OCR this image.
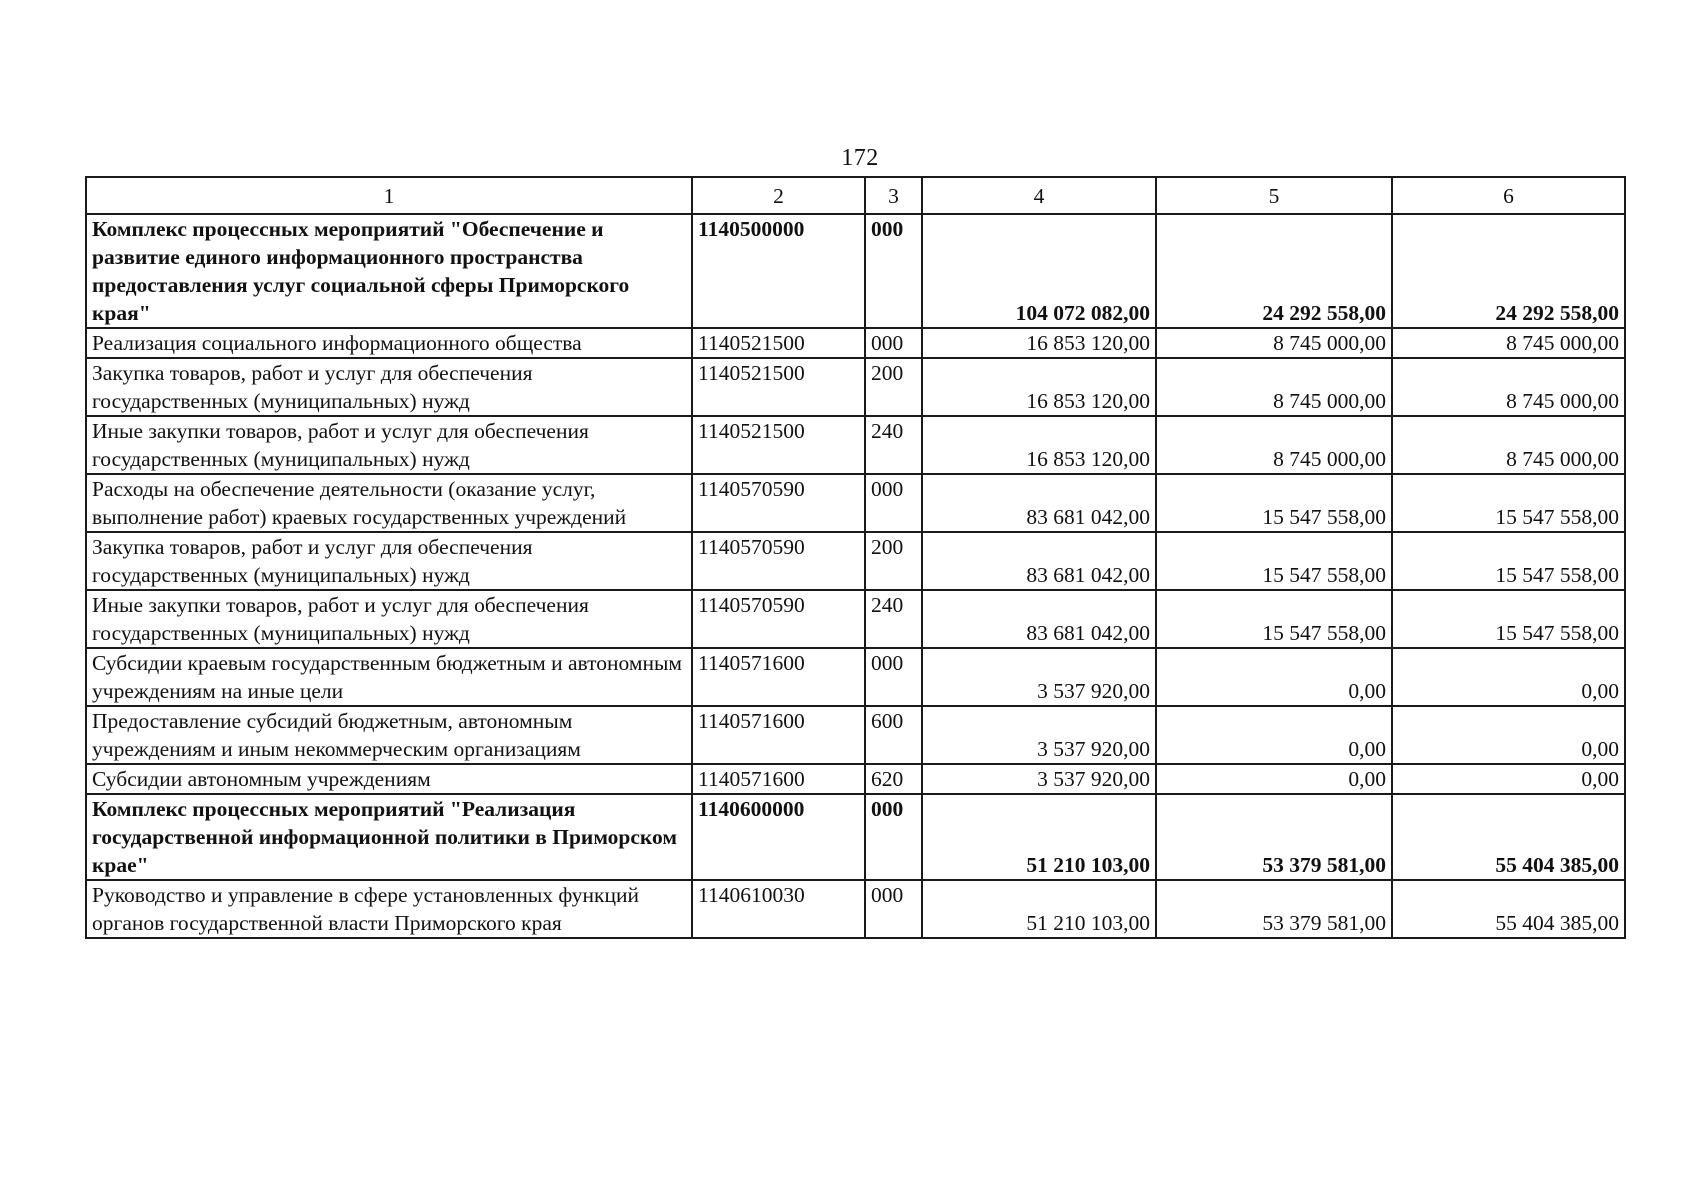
172
1	2	3	4	5	6
Комплекс процессных мероприятий "Обеспечение и развитие единого информационного пространства предоставления услуг социальной сферы Приморского края"	1140500000	000	104 072 082,00	24 292 558,00	24 292 558,00
Реализация социального информационного общества	1140521500	000	16 853 120,00	8 745 000,00	8 745 000,00
Закупка товаров, работ и услуг для обеспечения государственных (муниципальных) нужд	1140521500	200	16 853 120,00	8 745 000,00	8 745 000,00
Иные закупки товаров, работ и услуг для обеспечения государственных (муниципальных) нужд	1140521500	240	16 853 120,00	8 745 000,00	8 745 000,00
Расходы на обеспечение деятельности (оказание услуг, выполнение работ) краевых государственных учреждений	1140570590	000	83 681 042,00	15 547 558,00	15 547 558,00
Закупка товаров, работ и услуг для обеспечения государственных (муниципальных) нужд	1140570590	200	83 681 042,00	15 547 558,00	15 547 558,00
Иные закупки товаров, работ и услуг для обеспечения государственных (муниципальных) нужд	1140570590	240	83 681 042,00	15 547 558,00	15 547 558,00
Субсидии краевым государственным бюджетным и автономным учреждениям на иные цели	1140571600	000	3 537 920,00	0,00	0,00
Предоставление субсидий бюджетным, автономным учреждениям и иным некоммерческим организациям	1140571600	600	3 537 920,00	0,00	0,00
Субсидии автономным учреждениям	1140571600	620	3 537 920,00	0,00	0,00
Комплекс процессных мероприятий "Реализация государственной информационной политики в Приморском крае"	1140600000	000	51 210 103,00	53 379 581,00	55 404 385,00
Руководство и управление в сфере установленных функций органов государственной власти Приморского края	1140610030	000	51 210 103,00	53 379 581,00	55 404 385,00
